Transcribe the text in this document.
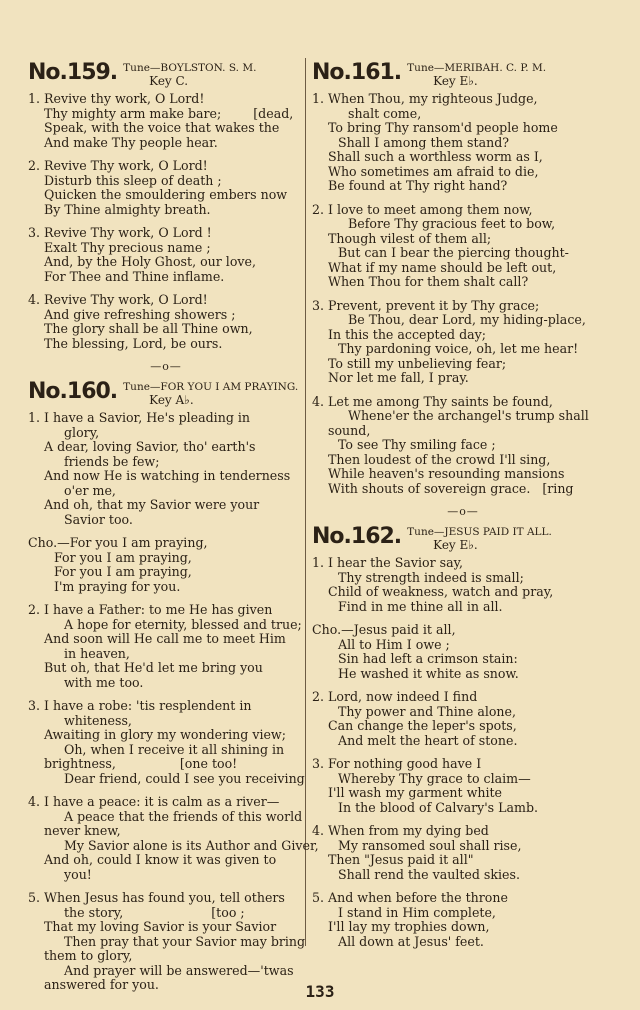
No.159. Tune—BOYLSTON. S. M.
Key C.
1. Revive thy work, O Lord!
Thy mighty arm make bare;        [dead,
Speak, with the voice that wakes the
And make Thy people hear.
2. Revive Thy work, O Lord!
Disturb this sleep of death ;
Quicken the smouldering embers now
By Thine almighty breath.
3. Revive Thy work, O Lord !
Exalt Thy precious name ;
And, by the Holy Ghost, our love,
For Thee and Thine inflame.
4. Revive Thy work, O Lord!
And give refreshing showers ;
The glory shall be all Thine own,
The blessing, Lord, be ours.
—o—
No.160. Tune—FOR YOU I AM PRAYING.
Key A♭.
1. I have a Savior, He's pleading in
glory,
A dear, loving Savior, tho' earth's
friends be few;
And now He is watching in tenderness
o'er me,
And oh, that my Savior were your
Savior too.
Cho.—For you I am praying,
For you I am praying,
For you I am praying,
I'm praying for you.
2. I have a Father: to me He has given
A hope for eternity, blessed and true;
And soon will He call me to meet Him
in heaven,
But oh, that He'd let me bring you
with me too.
3. I have a robe: 'tis resplendent in
whiteness,
Awaiting in glory my wondering view;
Oh, when I receive it all shining in
brightness,                [one too!
Dear friend, could I see you receiving
4. I have a peace: it is calm as a river—
A peace that the friends of this world
never knew,
My Savior alone is its Author and Giver,
And oh, could I know it was given to
you!
5. When Jesus has found you, tell others
the story,                      [too ;
That my loving Savior is your Savior
Then pray that your Savior may bring
them to glory,
And prayer will be answered—'twas
answered for you.
No.161. Tune—MERIBAH. C. P. M.
Key E♭.
1. When Thou, my righteous Judge,
shalt come,
To bring Thy ransom'd people home
Shall I among them stand?
Shall such a worthless worm as I,
Who sometimes am afraid to die,
Be found at Thy right hand?
2. I love to meet among them now,
Before Thy gracious feet to bow,
Though vilest of them all;
But can I bear the piercing thought-
What if my name should be left out,
When Thou for them shalt call?
3. Prevent, prevent it by Thy grace;
Be Thou, dear Lord, my hiding-place,
In this the accepted day;
Thy pardoning voice, oh, let me hear!
To still my unbelieving fear;
Nor let me fall, I pray.
4. Let me among Thy saints be found,
Whene'er the archangel's trump shall
sound,
To see Thy smiling face ;
Then loudest of the crowd I'll sing,
While heaven's resounding mansions
With shouts of sovereign grace.   [ring
—o—
No.162. Tune—JESUS PAID IT ALL.
Key E♭.
1. I hear the Savior say,
Thy strength indeed is small;
Child of weakness, watch and pray,
Find in me thine all in all.
Cho.—Jesus paid it all,
All to Him I owe ;
Sin had left a crimson stain:
He washed it white as snow.
2. Lord, now indeed I find
Thy power and Thine alone,
Can change the leper's spots,
And melt the heart of stone.
3. For nothing good have I
Whereby Thy grace to claim—
I'll wash my garment white
In the blood of Calvary's Lamb.
4. When from my dying bed
My ransomed soul shall rise,
Then "Jesus paid it all"
Shall rend the vaulted skies.
5. And when before the throne
I stand in Him complete,
I'll lay my trophies down,
All down at Jesus' feet.
133
